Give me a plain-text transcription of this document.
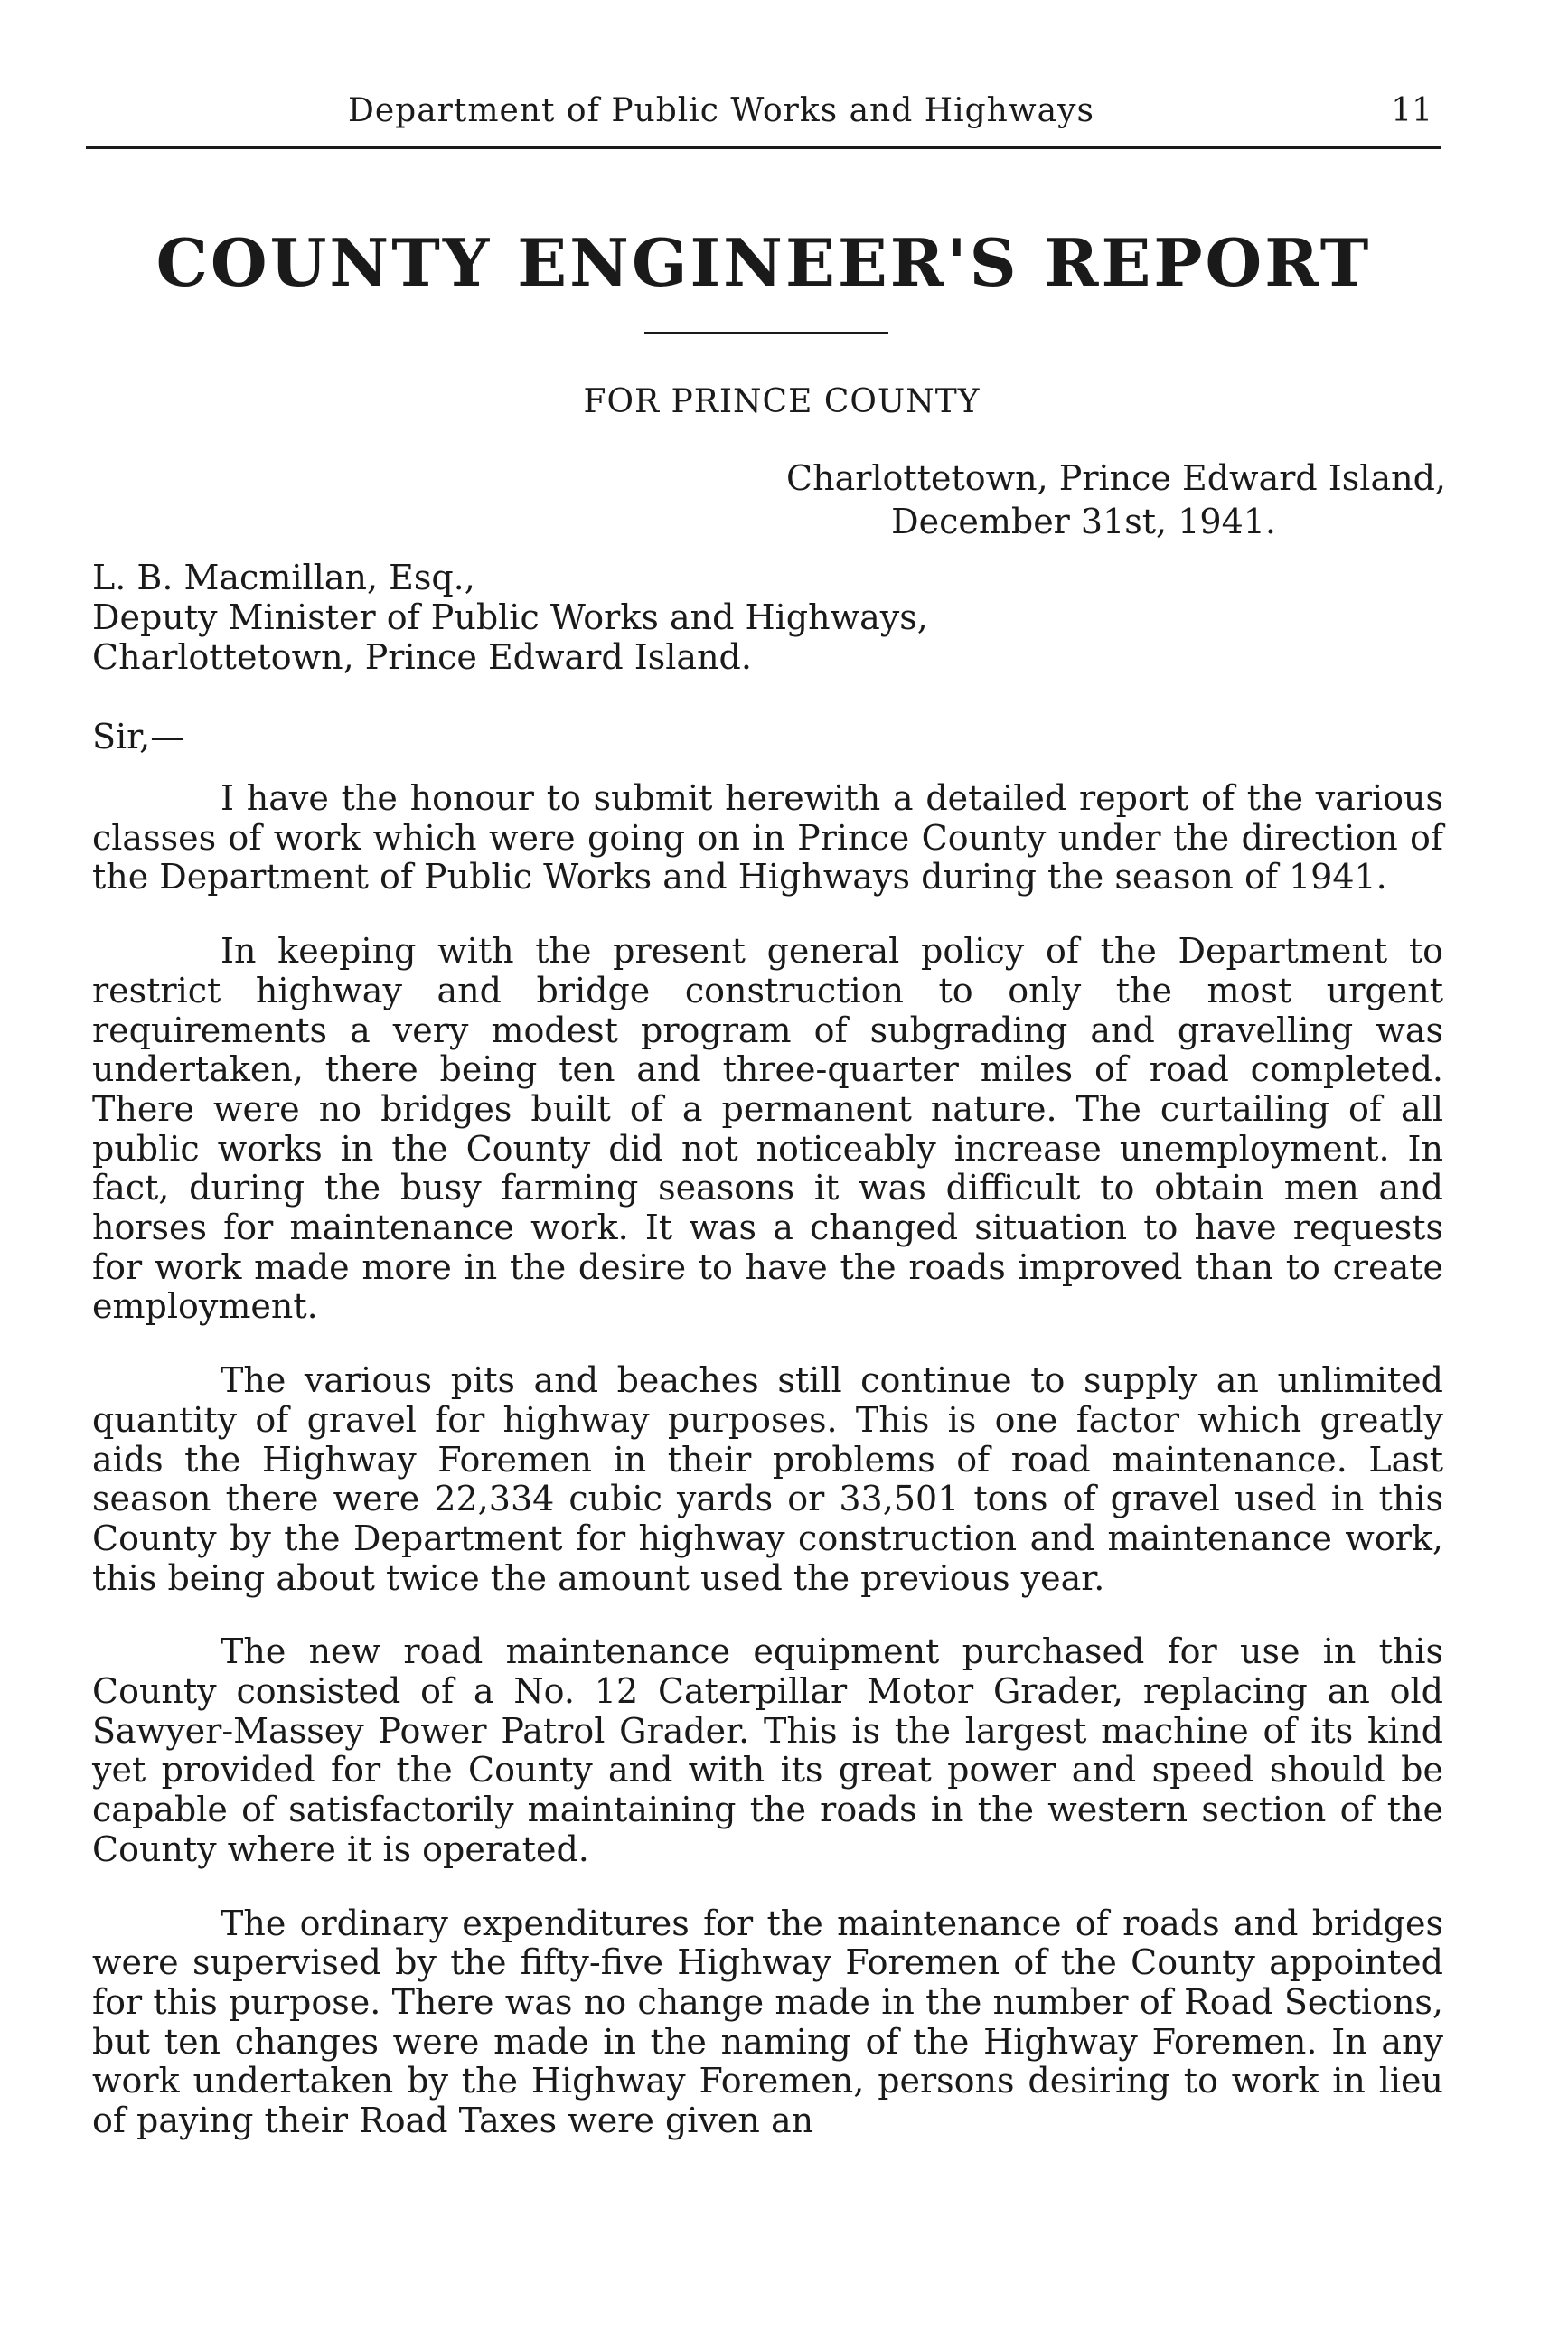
Department of Public Works and Highways	11
COUNTY ENGINEER'S REPORT
FOR PRINCE COUNTY
Charlottetown, Prince Edward Island,
December 31st, 1941.
L. B. Macmillan, Esq.,
Deputy Minister of Public Works and Highways,
Charlottetown, Prince Edward Island.
Sir,—

I have the honour to submit herewith a detailed report of the various classes of work which were going on in Prince County under the direction of the Department of Public Works and Highways during the season of 1941.

In keeping with the present general policy of the Department to restrict highway and bridge construction to only the most urgent requirements a very modest program of subgrading and gravelling was undertaken, there being ten and three-quarter miles of road completed. There were no bridges built of a permanent nature. The curtailing of all public works in the County did not noticeably increase unemployment. In fact, during the busy farming seasons it was difficult to obtain men and horses for maintenance work. It was a changed situation to have requests for work made more in the desire to have the roads improved than to create employment.

The various pits and beaches still continue to supply an unlimited quantity of gravel for highway purposes. This is one factor which greatly aids the Highway Foremen in their problems of road maintenance. Last season there were 22,334 cubic yards or 33,501 tons of gravel used in this County by the Department for highway construction and maintenance work, this being about twice the amount used the previous year.

The new road maintenance equipment purchased for use in this County consisted of a No. 12 Caterpillar Motor Grader, replacing an old Sawyer-Massey Power Patrol Grader. This is the largest machine of its kind yet provided for the County and with its great power and speed should be capable of satisfactorily maintaining the roads in the western section of the County where it is operated.

The ordinary expenditures for the maintenance of roads and bridges were supervised by the fifty-five Highway Foremen of the County appointed for this purpose. There was no change made in the number of Road Sections, but ten changes were made in the naming of the Highway Foremen. In any work undertaken by the Highway Foremen, persons desiring to work in lieu of paying their Road Taxes were given an
